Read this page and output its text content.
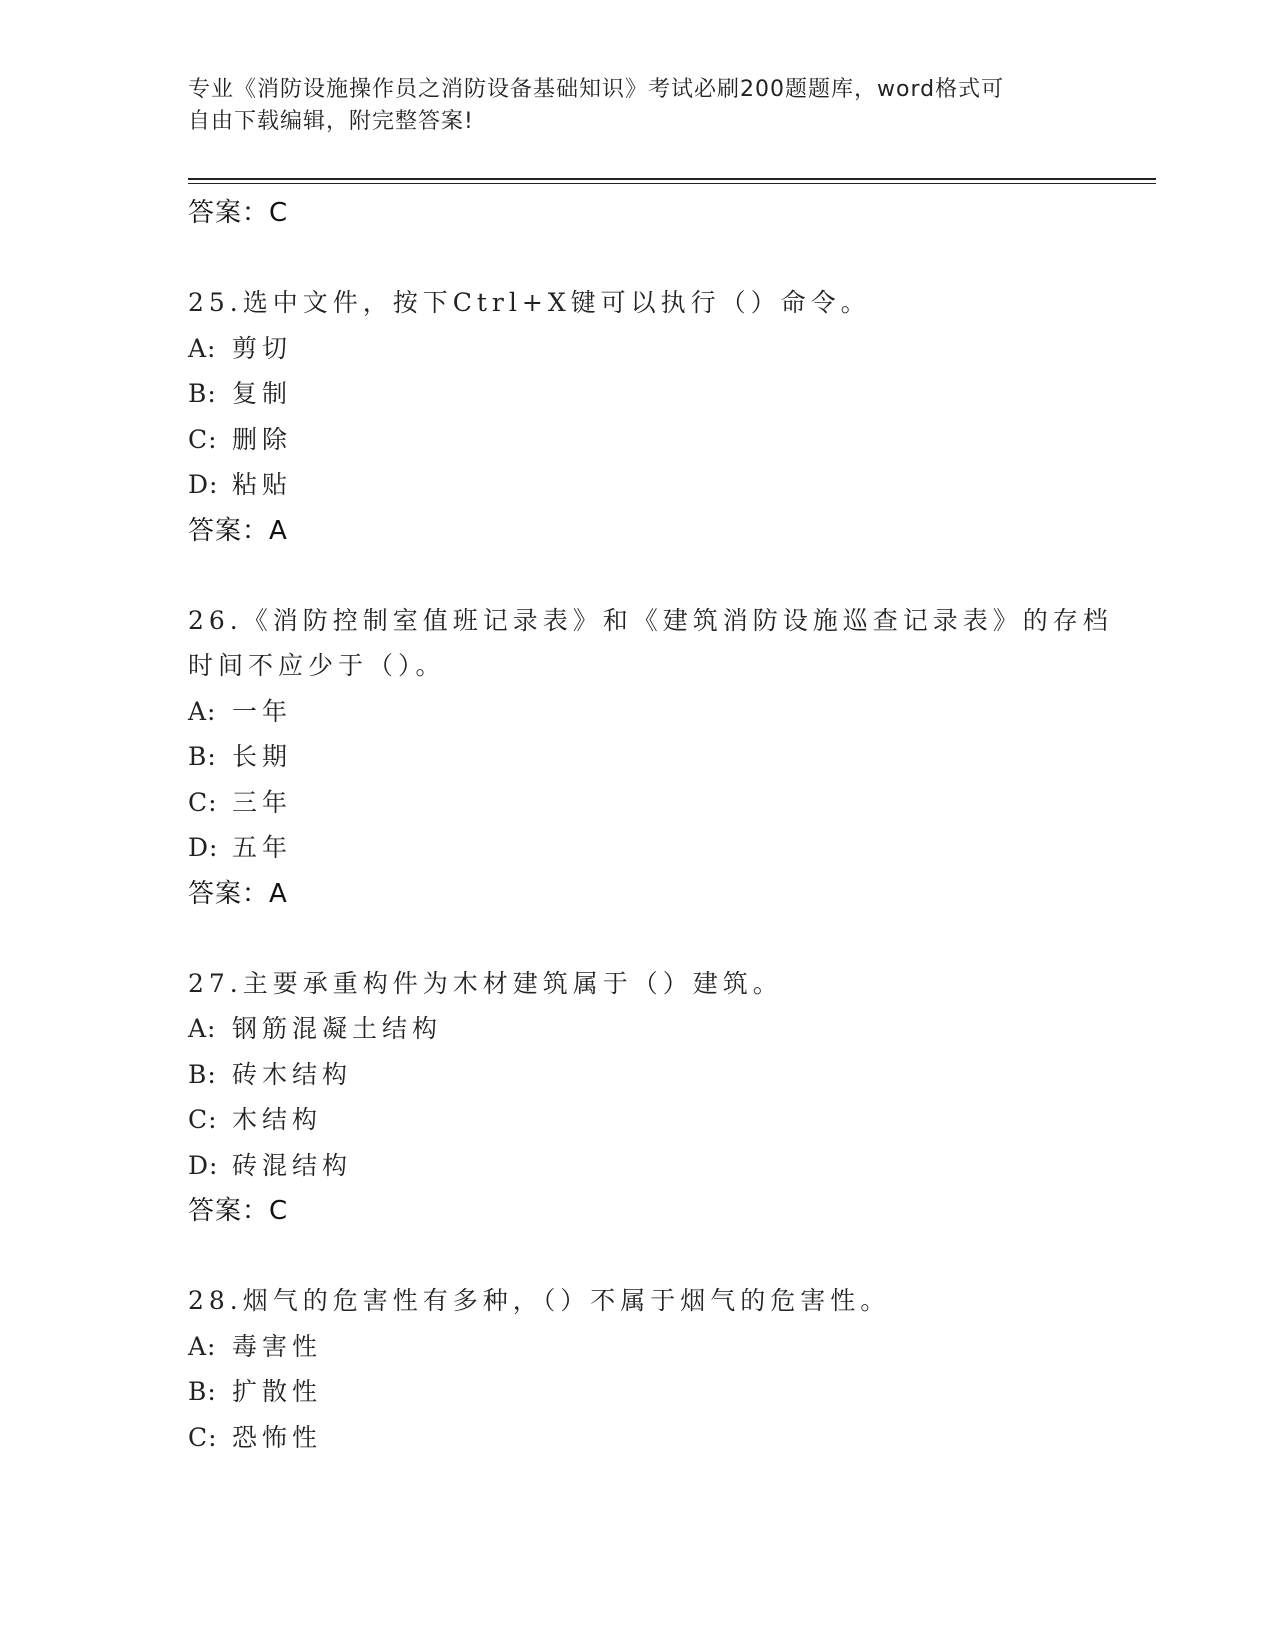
专业《消防设施操作员之消防设备基础知识》考试必刷200题题库，word格式可
自由下载编辑，附完整答案!
答案：C
25.选中文件，按下Ctrl+X键可以执行（）命令。
A: 剪切
B: 复制
C: 删除
D: 粘贴
答案：A
26.《消防控制室值班记录表》和《建筑消防设施巡查记录表》的存档
时间不应少于（）。
A: 一年
B: 长期
C: 三年
D: 五年
答案：A
27.主要承重构件为木材建筑属于（）建筑。
A: 钢筋混凝土结构
B: 砖木结构
C: 木结构
D: 砖混结构
答案：C
28.烟气的危害性有多种，（）不属于烟气的危害性。
A: 毒害性
B: 扩散性
C: 恐怖性
